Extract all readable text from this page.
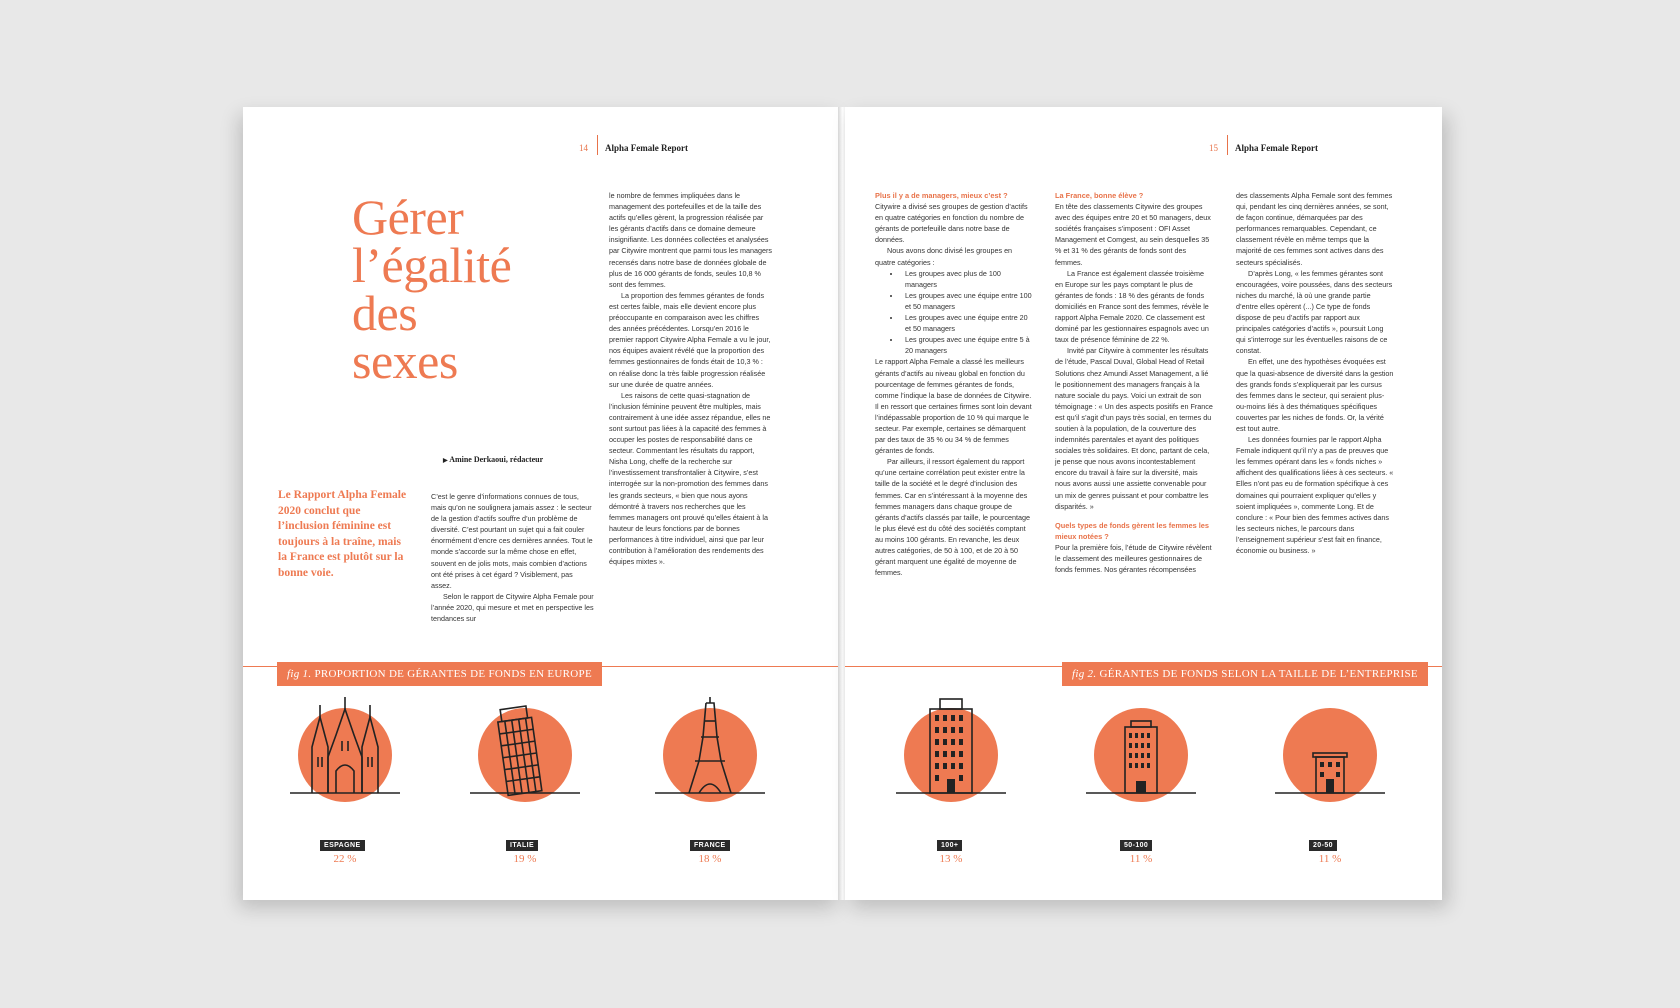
14 Alpha Female Report
Gérer
l’égalité
des
sexes
▶ Amine Derkaoui, rédacteur
Le Rapport Alpha Female 2020 conclut que l’inclusion féminine est toujours à la traîne, mais la France est plutôt sur la bonne voie.

C’est le genre d’informations connues de tous, mais qu’on ne soulignera jamais assez : le secteur de la gestion d’actifs souffre d’un problème de diversité. C’est pourtant un sujet qui a fait couler énormément d’encre ces dernières années. Tout le monde s’accorde sur la même chose en effet, souvent en de jolis mots, mais combien d’actions ont été prises à cet égard ? Visiblement, pas assez.

Selon le rapport de Citywire Alpha Female pour l’année 2020, qui mesure et met en perspective les tendances sur

le nombre de femmes impliquées dans le management des portefeuilles et de la taille des actifs qu’elles gèrent, la progression réalisée par les gérants d’actifs dans ce domaine demeure insignifiante. Les données collectées et analysées par Citywire montrent que parmi tous les managers recensés dans notre base de données globale de plus de 16 000 gérants de fonds, seules 10,8 % sont des femmes.

La proportion des femmes gérantes de fonds est certes faible, mais elle devient encore plus préoccupante en comparaison avec les chiffres des années précédentes. Lorsqu’en 2016 le premier rapport Citywire Alpha Female a vu le jour, nos équipes avaient révélé que la proportion des femmes gestionnaires de fonds était de 10,3 % : on réalise donc la très faible progression réalisée sur une durée de quatre années.

Les raisons de cette quasi-stagnation de l’inclusion féminine peuvent être multiples, mais contrairement à une idée assez répandue, elles ne sont surtout pas liées à la capacité des femmes à occuper les postes de responsabilité dans ce secteur. Commentant les résultats du rapport, Nisha Long, cheffe de la recherche sur l’investissement transfrontalier à Citywire, s’est interrogée sur la non-promotion des femmes dans les grands secteurs, « bien que nous ayons démontré à travers nos recherches que les femmes managers ont prouvé qu’elles étaient à la hauteur de leurs fonctions par de bonnes performances à titre individuel, ainsi que par leur contribution à l’amélioration des rendements des équipes mixtes ».

fig 1. PROPORTION DE GÉRANTES DE FONDS EN EUROPE
ESPAGNE
22 %
ITALIE
19 %
FRANCE
18 %
15 Alpha Female Report
Plus il y a de managers, mieux c’est ?

Citywire a divisé ses groupes de gestion d’actifs en quatre catégories en fonction du nombre de gérants de portefeuille dans notre base de données.

Nous avons donc divisé les groupes en quatre catégories :

• Les groupes avec plus de 100 managers
• Les groupes avec une équipe entre 100 et 50 managers
• Les groupes avec une équipe entre 20 et 50 managers
• Les groupes avec une équipe entre 5 à 20 managers

Le rapport Alpha Female a classé les meilleurs gérants d’actifs au niveau global en fonction du pourcentage de femmes gérantes de fonds, comme l’indique la base de données de Citywire. Il en ressort que certaines firmes sont loin devant l’indépassable proportion de 10 % qui marque le secteur. Par exemple, certaines se démarquent par des taux de 35 % ou 34 % de femmes gérantes de fonds.

Par ailleurs, il ressort également du rapport qu’une certaine corrélation peut exister entre la taille de la société et le degré d’inclusion des femmes. Car en s’intéressant à la moyenne des femmes managers dans chaque groupe de gérants d’actifs classés par taille, le pourcentage le plus élevé est du côté des sociétés comptant au moins 100 gérants. En revanche, les deux autres catégories, de 50 à 100, et de 20 à 50 gérant marquent une égalité de moyenne de femmes.

La France, bonne élève ?

En tête des classements Citywire des groupes avec des équipes entre 20 et 50 managers, deux sociétés françaises s’imposent : OFI Asset Management et Comgest, au sein desquelles 35 % et 31 % des gérants de fonds sont des femmes.

La France est également classée troisième en Europe sur les pays comptant le plus de gérantes de fonds : 18 % des gérants de fonds domiciliés en France sont des femmes, révèle le rapport Alpha Female 2020. Ce classement est dominé par les gestionnaires espagnols avec un taux de présence féminine de 22 %.

Invité par Citywire à commenter les résultats de l’étude, Pascal Duval, Global Head of Retail Solutions chez Amundi Asset Management, a lié le positionnement des managers français à la nature sociale du pays. Voici un extrait de son témoignage : « Un des aspects positifs en France est qu’il s’agit d’un pays très social, en termes du soutien à la population, de la couverture des indemnités parentales et ayant des politiques sociales très solidaires. Et donc, partant de cela, je pense que nous avons incontestablement encore du travail à faire sur la diversité, mais nous avons aussi une assiette convenable pour un mix de genres puissant et pour combattre les disparités. »

Quels types de fonds gèrent les femmes les mieux notées ?

Pour la première fois, l’étude de Citywire révèlent le classement des meilleures gestionnaires de fonds femmes. Nos gérantes récompensées

des classements Alpha Female sont des femmes qui, pendant les cinq dernières années, se sont, de façon continue, démarquées par des performances remarquables. Cependant, ce classement révèle en même temps que la majorité de ces femmes sont actives dans des secteurs spécialisés.

D’après Long, « les femmes gérantes sont encouragées, voire poussées, dans des secteurs niches du marché, là où une grande partie d’entre elles opèrent (...) Ce type de fonds dispose de peu d’actifs par rapport aux principales catégories d’actifs », poursuit Long qui s’interroge sur les éventuelles raisons de ce constat.

En effet, une des hypothèses évoquées est que la quasi-absence de diversité dans la gestion des grands fonds s’expliquerait par les cursus des femmes dans le secteur, qui seraient plus-ou-moins liés à des thématiques spécifiques couvertes par les niches de fonds. Or, la vérité est tout autre.

Les données fournies par le rapport Alpha Female indiquent qu’il n’y a pas de preuves que les femmes opérant dans les « fonds niches » affichent des qualifications liées à ces secteurs. « Elles n’ont pas eu de formation spécifique à ces domaines qui pourraient expliquer qu’elles y soient impliquées », commente Long. Et de conclure : « Pour bien des femmes actives dans les secteurs niches, le parcours dans l’enseignement supérieur s’est fait en finance, économie ou business. »

fig 2. GÉRANTES DE FONDS SELON LA TAILLE DE L’ENTREPRISE
100+
13 %
50-100
11 %
20-50
11 %
